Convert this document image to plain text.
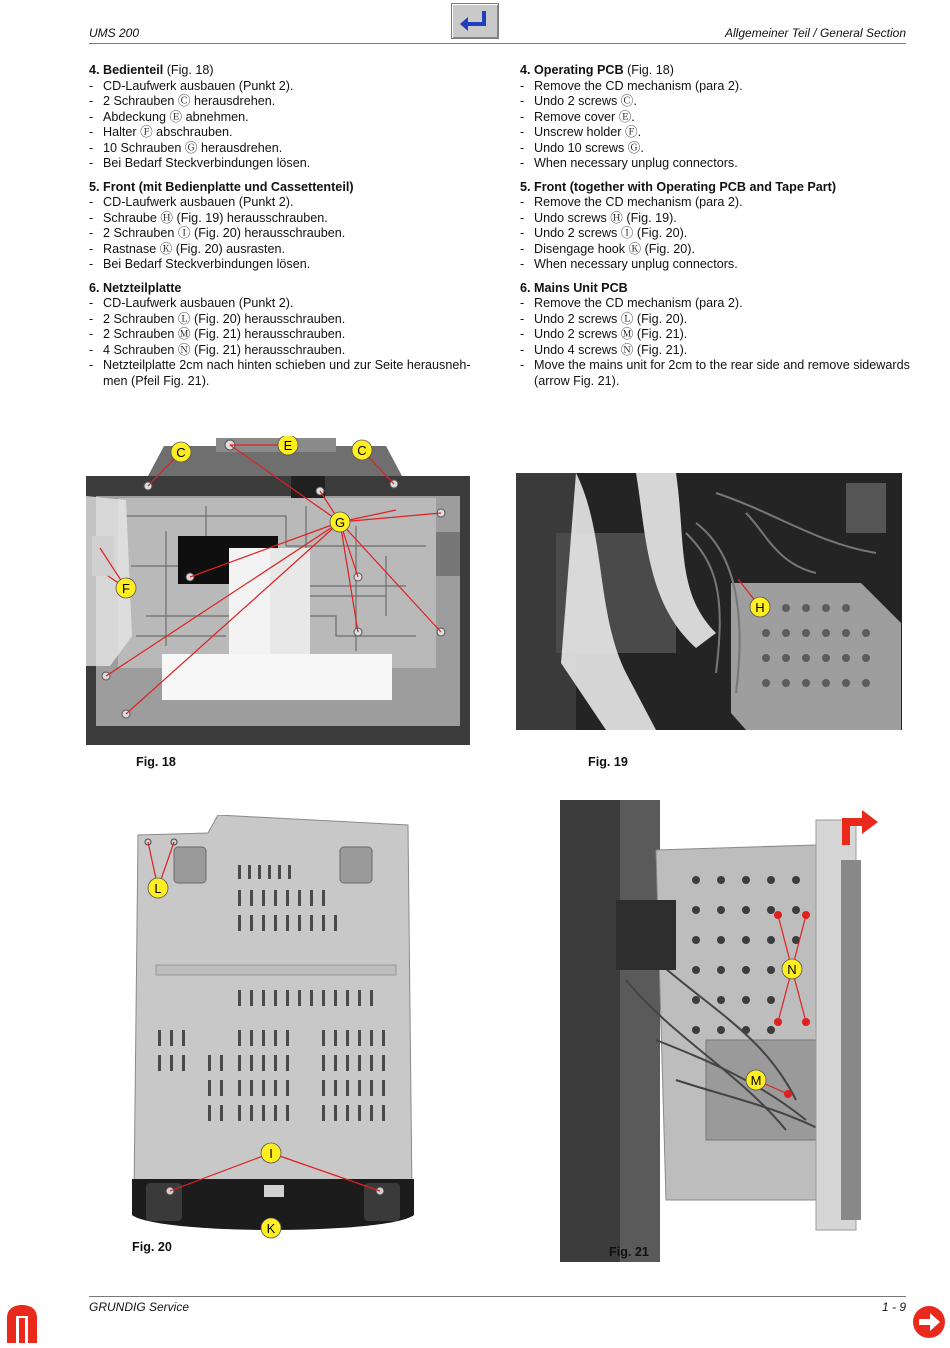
UMS 200	Allgemeiner Teil / General Section
4. Bedienteil (Fig. 18)
- CD-Laufwerk ausbauen (Punkt 2).
- 2 Schrauben Ⓒ herausdrehen.
- Abdeckung Ⓔ abnehmen.
- Halter Ⓕ abschrauben.
- 10 Schrauben Ⓖ herausdrehen.
- Bei Bedarf Steckverbindungen lösen.
5. Front (mit Bedienplatte und Cassettenteil)
- CD-Laufwerk ausbauen (Punkt 2).
- Schraube Ⓗ (Fig. 19) herausschrauben.
- 2 Schrauben Ⓘ (Fig. 20) herausschrauben.
- Rastnase Ⓚ (Fig. 20) ausrasten.
- Bei Bedarf Steckverbindungen lösen.
6. Netzteilplatte
- CD-Laufwerk ausbauen (Punkt 2).
- 2 Schrauben Ⓛ (Fig. 20) herausschrauben.
- 2 Schrauben Ⓜ (Fig. 21) herausschrauben.
- 4 Schrauben Ⓝ (Fig. 21) herausschrauben.
- Netzteilplatte 2cm nach hinten schieben und zur Seite herausneh-men (Pfeil Fig. 21).
4. Operating PCB (Fig. 18)
- Remove the CD mechanism (para 2).
- Undo 2 screws Ⓒ.
- Remove cover Ⓔ.
- Unscrew holder Ⓕ.
- Undo 10 screws Ⓖ.
- When necessary unplug connectors.
5. Front (together with Operating PCB and Tape Part)
- Remove the CD mechanism (para 2).
- Undo screws Ⓗ (Fig. 19).
- Undo 2 screws Ⓘ (Fig. 20).
- Disengage hook Ⓚ (Fig. 20).
- When necessary unplug connectors.
6. Mains Unit PCB
- Remove the CD mechanism (para 2).
- Undo 2 screws Ⓛ (Fig. 20).
- Undo 2 screws Ⓜ (Fig. 21).
- Undo 4 screws Ⓝ (Fig. 21).
- Move the mains unit for 2cm to the rear side and remove sidewards (arrow Fig. 21).
C	E	C
G
F
Fig. 18
H
Fig. 19
L
I
K
Fig. 20
N
M
Fig. 21
GRUNDIG Service	1 - 9
